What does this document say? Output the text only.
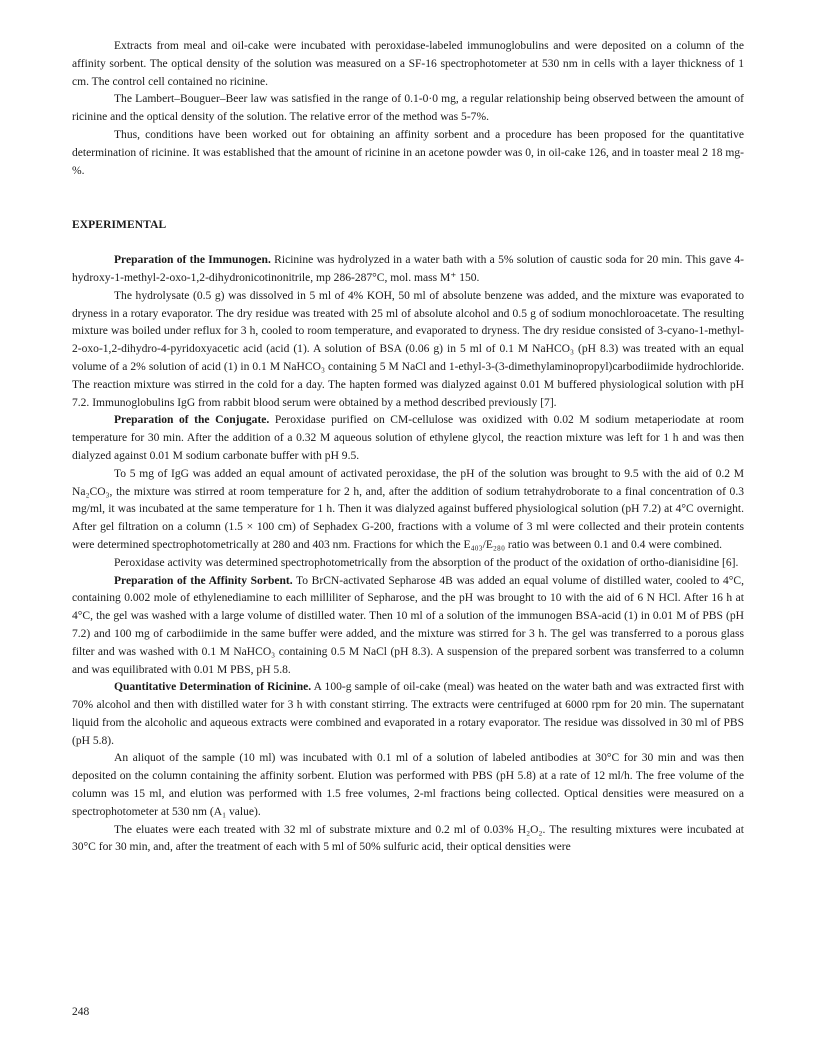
Extracts from meal and oil-cake were incubated with peroxidase-labeled immunoglobulins and were deposited on a column of the affinity sorbent. The optical density of the solution was measured on a SF-16 spectrophotometer at 530 nm in cells with a layer thickness of 1 cm. The control cell contained no ricinine.

The Lambert–Bouguer–Beer law was satisfied in the range of 0.1-0·0 mg, a regular relationship being observed between the amount of ricinine and the optical density of the solution. The relative error of the method was 5-7%.

Thus, conditions have been worked out for obtaining an affinity sorbent and a procedure has been proposed for the quantitative determination of ricinine. It was established that the amount of ricinine in an acetone powder was 0, in oil-cake 126, and in toaster meal 2 18 mg-%.

EXPERIMENTAL

Preparation of the Immunogen. Ricinine was hydrolyzed in a water bath with a 5% solution of caustic soda for 20 min. This gave 4-hydroxy-1-methyl-2-oxo-1,2-dihydronicotinonitrile, mp 286-287°C, mol. mass M⁺ 150.

The hydrolysate (0.5 g) was dissolved in 5 ml of 4% KOH, 50 ml of absolute benzene was added, and the mixture was evaporated to dryness in a rotary evaporator. The dry residue was treated with 25 ml of absolute alcohol and 0.5 g of sodium monochloroacetate. The resulting mixture was boiled under reflux for 3 h, cooled to room temperature, and evaporated to dryness. The dry residue consisted of 3-cyano-1-methyl-2-oxo-1,2-dihydro-4-pyridoxyacetic acid (acid (1). A solution of BSA (0.06 g) in 5 ml of 0.1 M NaHCO₃ (pH 8.3) was treated with an equal volume of a 2% solution of acid (1) in 0.1 M NaHCO₃ containing 5 M NaCl and 1-ethyl-3-(3-dimethylaminopropyl)carbodiimide hydrochloride. The reaction mixture was stirred in the cold for a day. The hapten formed was dialyzed against 0.01 M buffered physiological solution with pH 7.2. Immunoglobulins IgG from rabbit blood serum were obtained by a method described previously [7].

Preparation of the Conjugate. Peroxidase purified on CM-cellulose was oxidized with 0.02 M sodium metaperiodate at room temperature for 30 min. After the addition of a 0.32 M aqueous solution of ethylene glycol, the reaction mixture was left for 1 h and was then dialyzed against 0.01 M sodium carbonate buffer with pH 9.5.

To 5 mg of IgG was added an equal amount of activated peroxidase, the pH of the solution was brought to 9.5 with the aid of 0.2 M Na₂CO₃, the mixture was stirred at room temperature for 2 h, and, after the addition of sodium tetrahydroborate to a final concentration of 0.3 mg/ml, it was incubated at the same temperature for 1 h. Then it was dialyzed against buffered physiological solution (pH 7.2) at 4°C overnight. After gel filtration on a column (1.5 × 100 cm) of Sephadex G-200, fractions with a volume of 3 ml were collected and their protein contents were determined spectrophotometrically at 280 and 403 nm. Fractions for which the E₄₀₃/E₂₈₀ ratio was between 0.1 and 0.4 were combined.

Peroxidase activity was determined spectrophotometrically from the absorption of the product of the oxidation of ortho-dianisidine [6].

Preparation of the Affinity Sorbent. To BrCN-activated Sepharose 4B was added an equal volume of distilled water, cooled to 4°C, containing 0.002 mole of ethylenediamine to each milliliter of Sepharose, and the pH was brought to 10 with the aid of 6 N HCl. After 16 h at 4°C, the gel was washed with a large volume of distilled water. Then 10 ml of a solution of the immunogen BSA-acid (1) in 0.01 M of PBS (pH 7.2) and 100 mg of carbodiimide in the same buffer were added, and the mixture was stirred for 3 h. The gel was transferred to a porous glass filter and was washed with 0.1 M NaHCO₃ containing 0.5 M NaCl (pH 8.3). A suspension of the prepared sorbent was transferred to a column and was equilibrated with 0.01 M PBS, pH 5.8.

Quantitative Determination of Ricinine. A 100-g sample of oil-cake (meal) was heated on the water bath and was extracted first with 70% alcohol and then with distilled water for 3 h with constant stirring. The extracts were centrifuged at 6000 rpm for 20 min. The supernatant liquid from the alcoholic and aqueous extracts were combined and evaporated in a rotary evaporator. The residue was dissolved in 30 ml of PBS (pH 5.8).

An aliquot of the sample (10 ml) was incubated with 0.1 ml of a solution of labeled antibodies at 30°C for 30 min and was then deposited on the column containing the affinity sorbent. Elution was performed with PBS (pH 5.8) at a rate of 12 ml/h. The free volume of the column was 15 ml, and elution was performed with 1.5 free volumes, 2-ml fractions being collected. Optical densities were measured on a spectrophotometer at 530 nm (A₁ value).

The eluates were each treated with 32 ml of substrate mixture and 0.2 ml of 0.03% H₂O₂. The resulting mixtures were incubated at 30°C for 30 min, and, after the treatment of each with 5 ml of 50% sulfuric acid, their optical densities were

248
